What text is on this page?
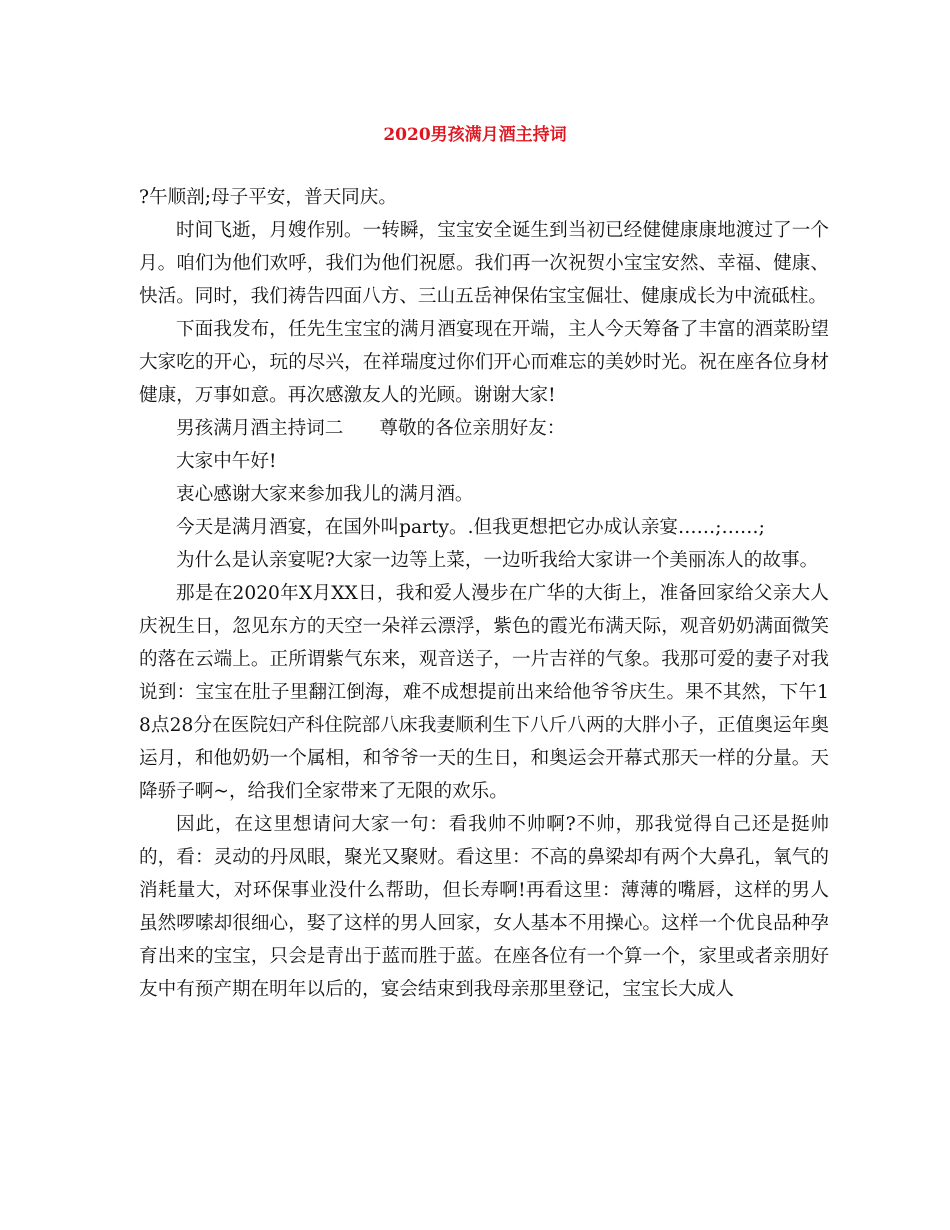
2020男孩满月酒主持词

?午顺剖;母子平安，普天同庆。

时间飞逝，月嫂作别。一转瞬，宝宝安全诞生到当初已经健健康康地渡过了一个月。咱们为他们欢呼，我们为他们祝愿。我们再一次祝贺小宝宝安然、幸福、健康、快活。同时，我们祷告四面八方、三山五岳神保佑宝宝倔壮、健康成长为中流砥柱。

下面我发布，任先生宝宝的满月酒宴现在开端，主人今天筹备了丰富的酒菜盼望大家吃的开心，玩的尽兴，在祥瑞度过你们开心而难忘的美妙时光。祝在座各位身材健康，万事如意。再次感激友人的光顾。谢谢大家!

男孩满月酒主持词二 尊敬的各位亲朋好友：

大家中午好!

衷心感谢大家来参加我儿的满月酒。

今天是满月酒宴，在国外叫party。.但我更想把它办成认亲宴……;……;

为什么是认亲宴呢?大家一边等上菜，一边听我给大家讲一个美丽冻人的故事。

那是在2020年X月XX日，我和爱人漫步在广华的大街上，准备回家给父亲大人庆祝生日，忽见东方的天空一朵祥云漂浮，紫色的霞光布满天际，观音奶奶满面微笑的落在云端上。正所谓紫气东来，观音送子，一片吉祥的气象。我那可爱的妻子对我说到：宝宝在肚子里翻江倒海，难不成想提前出来给他爷爷庆生。果不其然，下午18点28分在医院妇产科住院部八床我妻顺利生下八斤八两的大胖小子，正值奥运年奥运月，和他奶奶一个属相，和爷爷一天的生日，和奥运会开幕式那天一样的分量。天降骄子啊~，给我们全家带来了无限的欢乐。

因此，在这里想请问大家一句：看我帅不帅啊?不帅，那我觉得自己还是挺帅的，看：灵动的丹凤眼，聚光又聚财。看这里：不高的鼻梁却有两个大鼻孔，氧气的消耗量大，对环保事业没什么帮助，但长寿啊!再看这里：薄薄的嘴唇，这样的男人虽然啰嗦却很细心，娶了这样的男人回家，女人基本不用操心。这样一个优良品种孕育出来的宝宝，只会是青出于蓝而胜于蓝。在座各位有一个算一个，家里或者亲朋好友中有预产期在明年以后的，宴会结束到我母亲那里登记，宝宝长大成人
